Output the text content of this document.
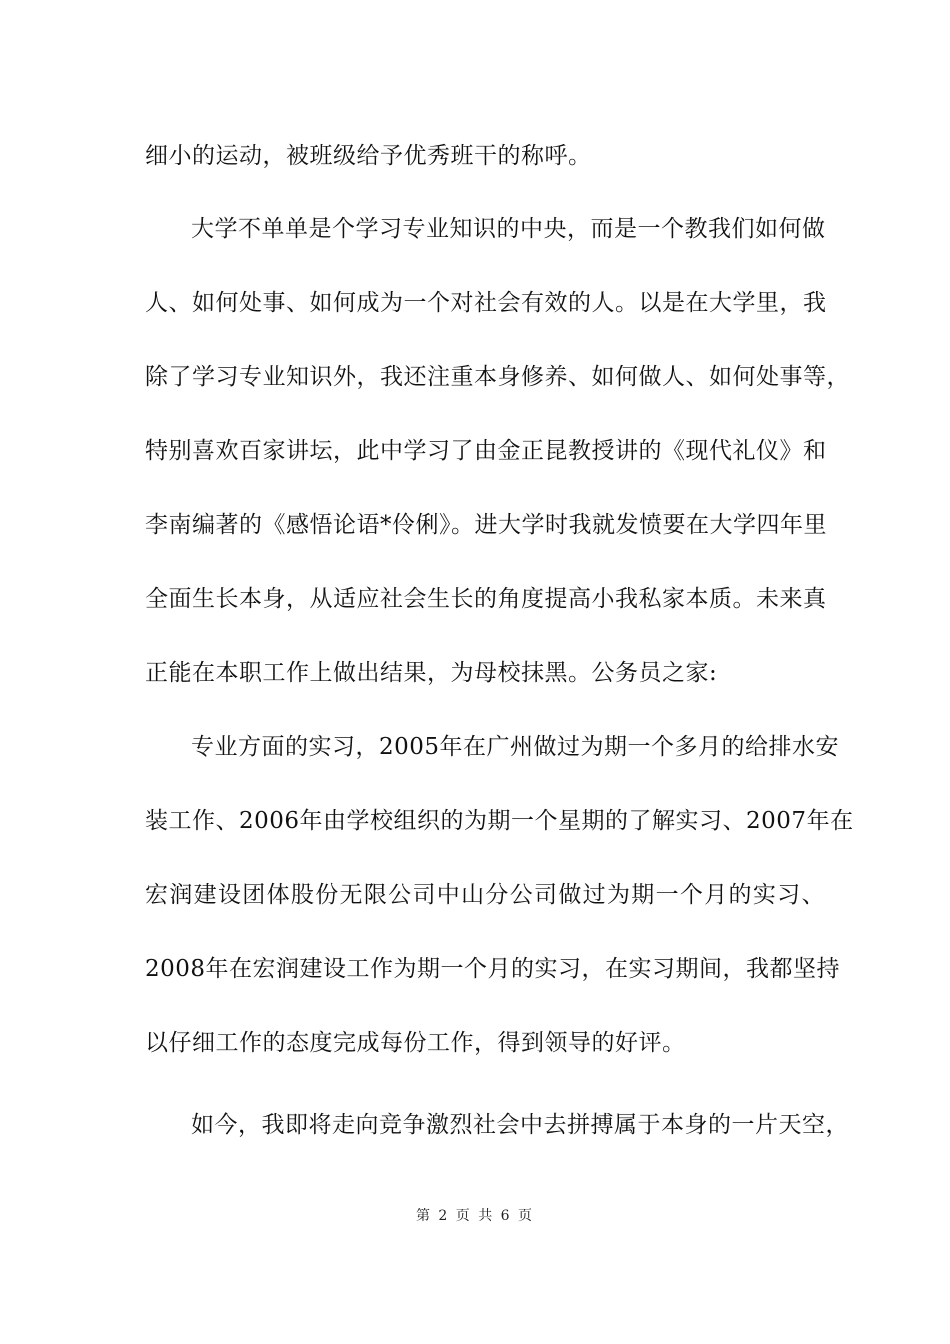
细小的运动，被班级给予优秀班干的称呼。
大学不单单是个学习专业知识的中央，而是一个教我们如何做
人、如何处事、如何成为一个对社会有效的人。以是在大学里，我
除了学习专业知识外，我还注重本身修养、如何做人、如何处事等，
特别喜欢百家讲坛，此中学习了由金正昆教授讲的《现代礼仪》和
李南编著的《感悟论语*伶俐》。进大学时我就发愤要在大学四年里
全面生长本身，从适应社会生长的角度提高小我私家本质。未来真
正能在本职工作上做出结果，为母校抹黑。公务员之家:
专业方面的实习，2005年在广州做过为期一个多月的给排水安
装工作、2006年由学校组织的为期一个星期的了解实习、2007年在
宏润建设团体股份无限公司中山分公司做过为期一个月的实习、
2008年在宏润建设工作为期一个月的实习，在实习期间，我都坚持
以仔细工作的态度完成每份工作，得到领导的好评。
如今，我即将走向竞争激烈社会中去拼搏属于本身的一片天空，
第 2 页 共 6 页
